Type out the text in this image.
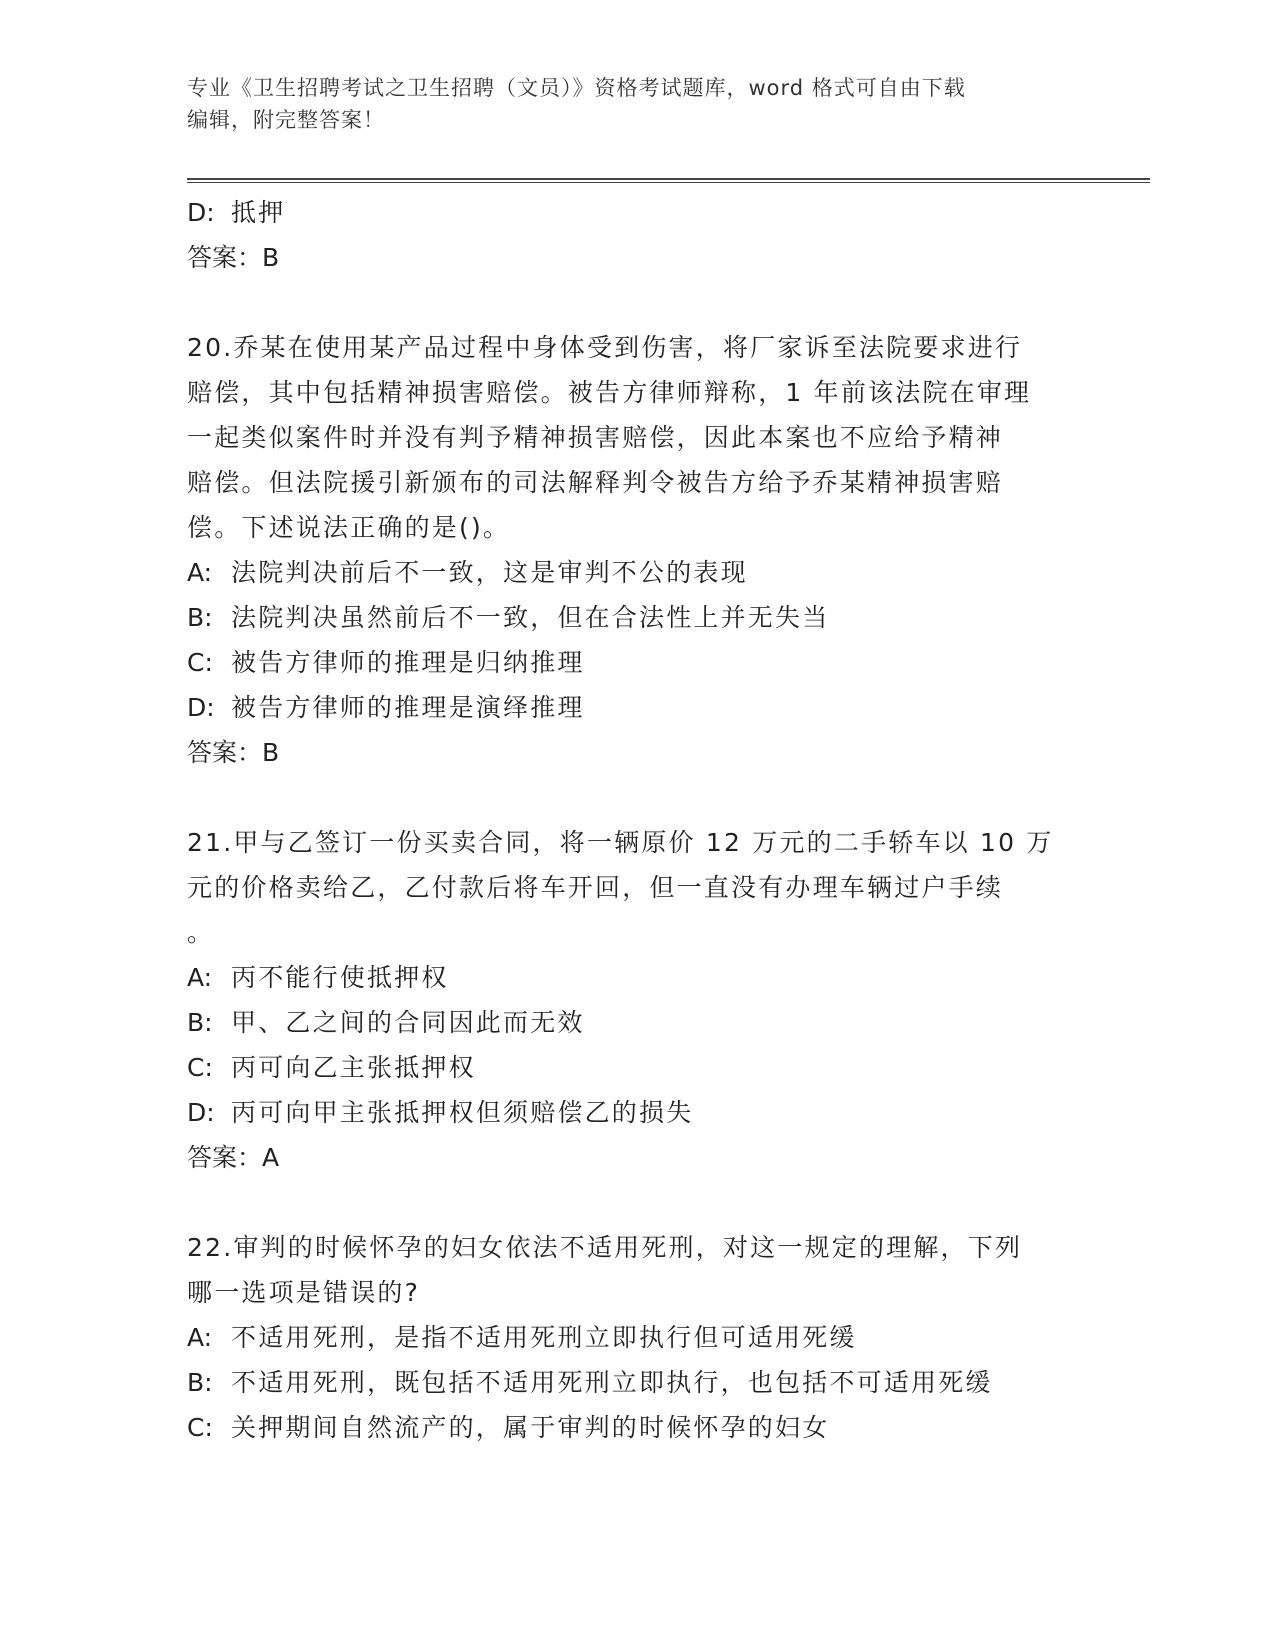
专业《卫生招聘考试之卫生招聘（文员）》资格考试题库，word 格式可自由下载
编辑，附完整答案！
D: 抵押
答案：B
20.乔某在使用某产品过程中身体受到伤害，将厂家诉至法院要求进行
赔偿，其中包括精神损害赔偿。被告方律师辩称，1 年前该法院在审理
一起类似案件时并没有判予精神损害赔偿，因此本案也不应给予精神
赔偿。但法院援引新颁布的司法解释判令被告方给予乔某精神损害赔
偿。下述说法正确的是()。
A: 法院判决前后不一致，这是审判不公的表现
B: 法院判决虽然前后不一致，但在合法性上并无失当
C: 被告方律师的推理是归纳推理
D: 被告方律师的推理是演绎推理
答案：B
21.甲与乙签订一份买卖合同，将一辆原价 12 万元的二手轿车以 10 万
元的价格卖给乙，乙付款后将车开回，但一直没有办理车辆过户手续
。
A: 丙不能行使抵押权
B: 甲、乙之间的合同因此而无效
C: 丙可向乙主张抵押权
D: 丙可向甲主张抵押权但须赔偿乙的损失
答案：A
22.审判的时候怀孕的妇女依法不适用死刑，对这一规定的理解，下列
哪一选项是错误的?
A: 不适用死刑，是指不适用死刑立即执行但可适用死缓
B: 不适用死刑，既包括不适用死刑立即执行，也包括不可适用死缓
C: 关押期间自然流产的，属于审判的时候怀孕的妇女
